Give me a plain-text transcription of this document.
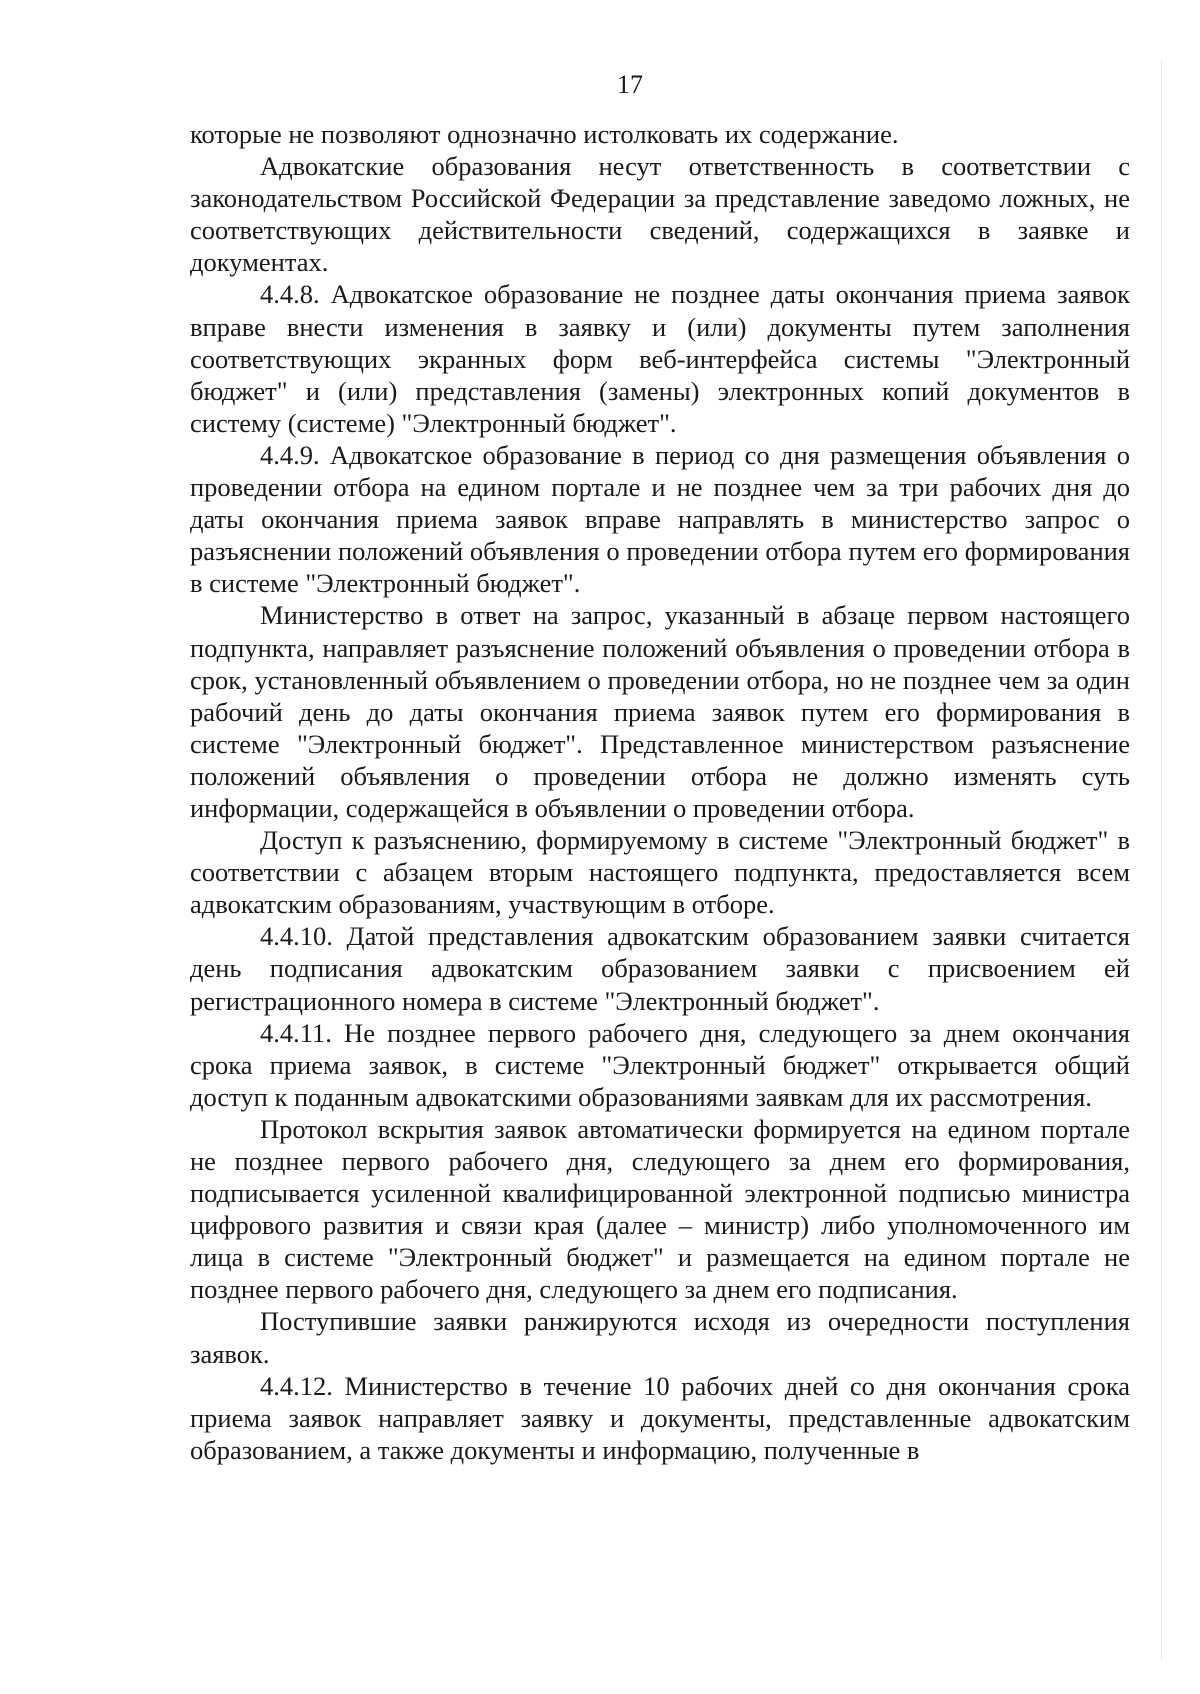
17

которые не позволяют однозначно истолковать их содержание.

Адвокатские образования несут ответственность в соответствии с законодательством Российской Федерации за представление заведомо ложных, не соответствующих действительности сведений, содержащихся в заявке и документах.

4.4.8. Адвокатское образование не позднее даты окончания приема заявок вправе внести изменения в заявку и (или) документы путем заполнения соответствующих экранных форм веб-интерфейса системы "Электронный бюджет" и (или) представления (замены) электронных копий документов в систему (системе) "Электронный бюджет".

4.4.9. Адвокатское образование в период со дня размещения объявления о проведении отбора на едином портале и не позднее чем за три рабочих дня до даты окончания приема заявок вправе направлять в министерство запрос о разъяснении положений объявления о проведении отбора путем его формирования в системе "Электронный бюджет".

Министерство в ответ на запрос, указанный в абзаце первом настоящего подпункта, направляет разъяснение положений объявления о проведении отбора в срок, установленный объявлением о проведении отбора, но не позднее чем за один рабочий день до даты окончания приема заявок путем его формирования в системе "Электронный бюджет". Представленное министерством разъяснение положений объявления о проведении отбора не должно изменять суть информации, содержащейся в объявлении о проведении отбора.

Доступ к разъяснению, формируемому в системе "Электронный бюджет" в соответствии с абзацем вторым настоящего подпункта, предоставляется всем адвокатским образованиям, участвующим в отборе.

4.4.10. Датой представления адвокатским образованием заявки считается день подписания адвокатским образованием заявки с присвоением ей регистрационного номера в системе "Электронный бюджет".

4.4.11. Не позднее первого рабочего дня, следующего за днем окончания срока приема заявок, в системе "Электронный бюджет" открывается общий доступ к поданным адвокатскими образованиями заявкам для их рассмотрения.

Протокол вскрытия заявок автоматически формируется на едином портале не позднее первого рабочего дня, следующего за днем его формирования, подписывается усиленной квалифицированной электронной подписью министра цифрового развития и связи края (далее – министр) либо уполномоченного им лица в системе "Электронный бюджет" и размещается на едином портале не позднее первого рабочего дня, следующего за днем его подписания.

Поступившие заявки ранжируются исходя из очередности поступления заявок.

4.4.12. Министерство в течение 10 рабочих дней со дня окончания срока приема заявок направляет заявку и документы, представленные адвокатским образованием, а также документы и информацию, полученные в
